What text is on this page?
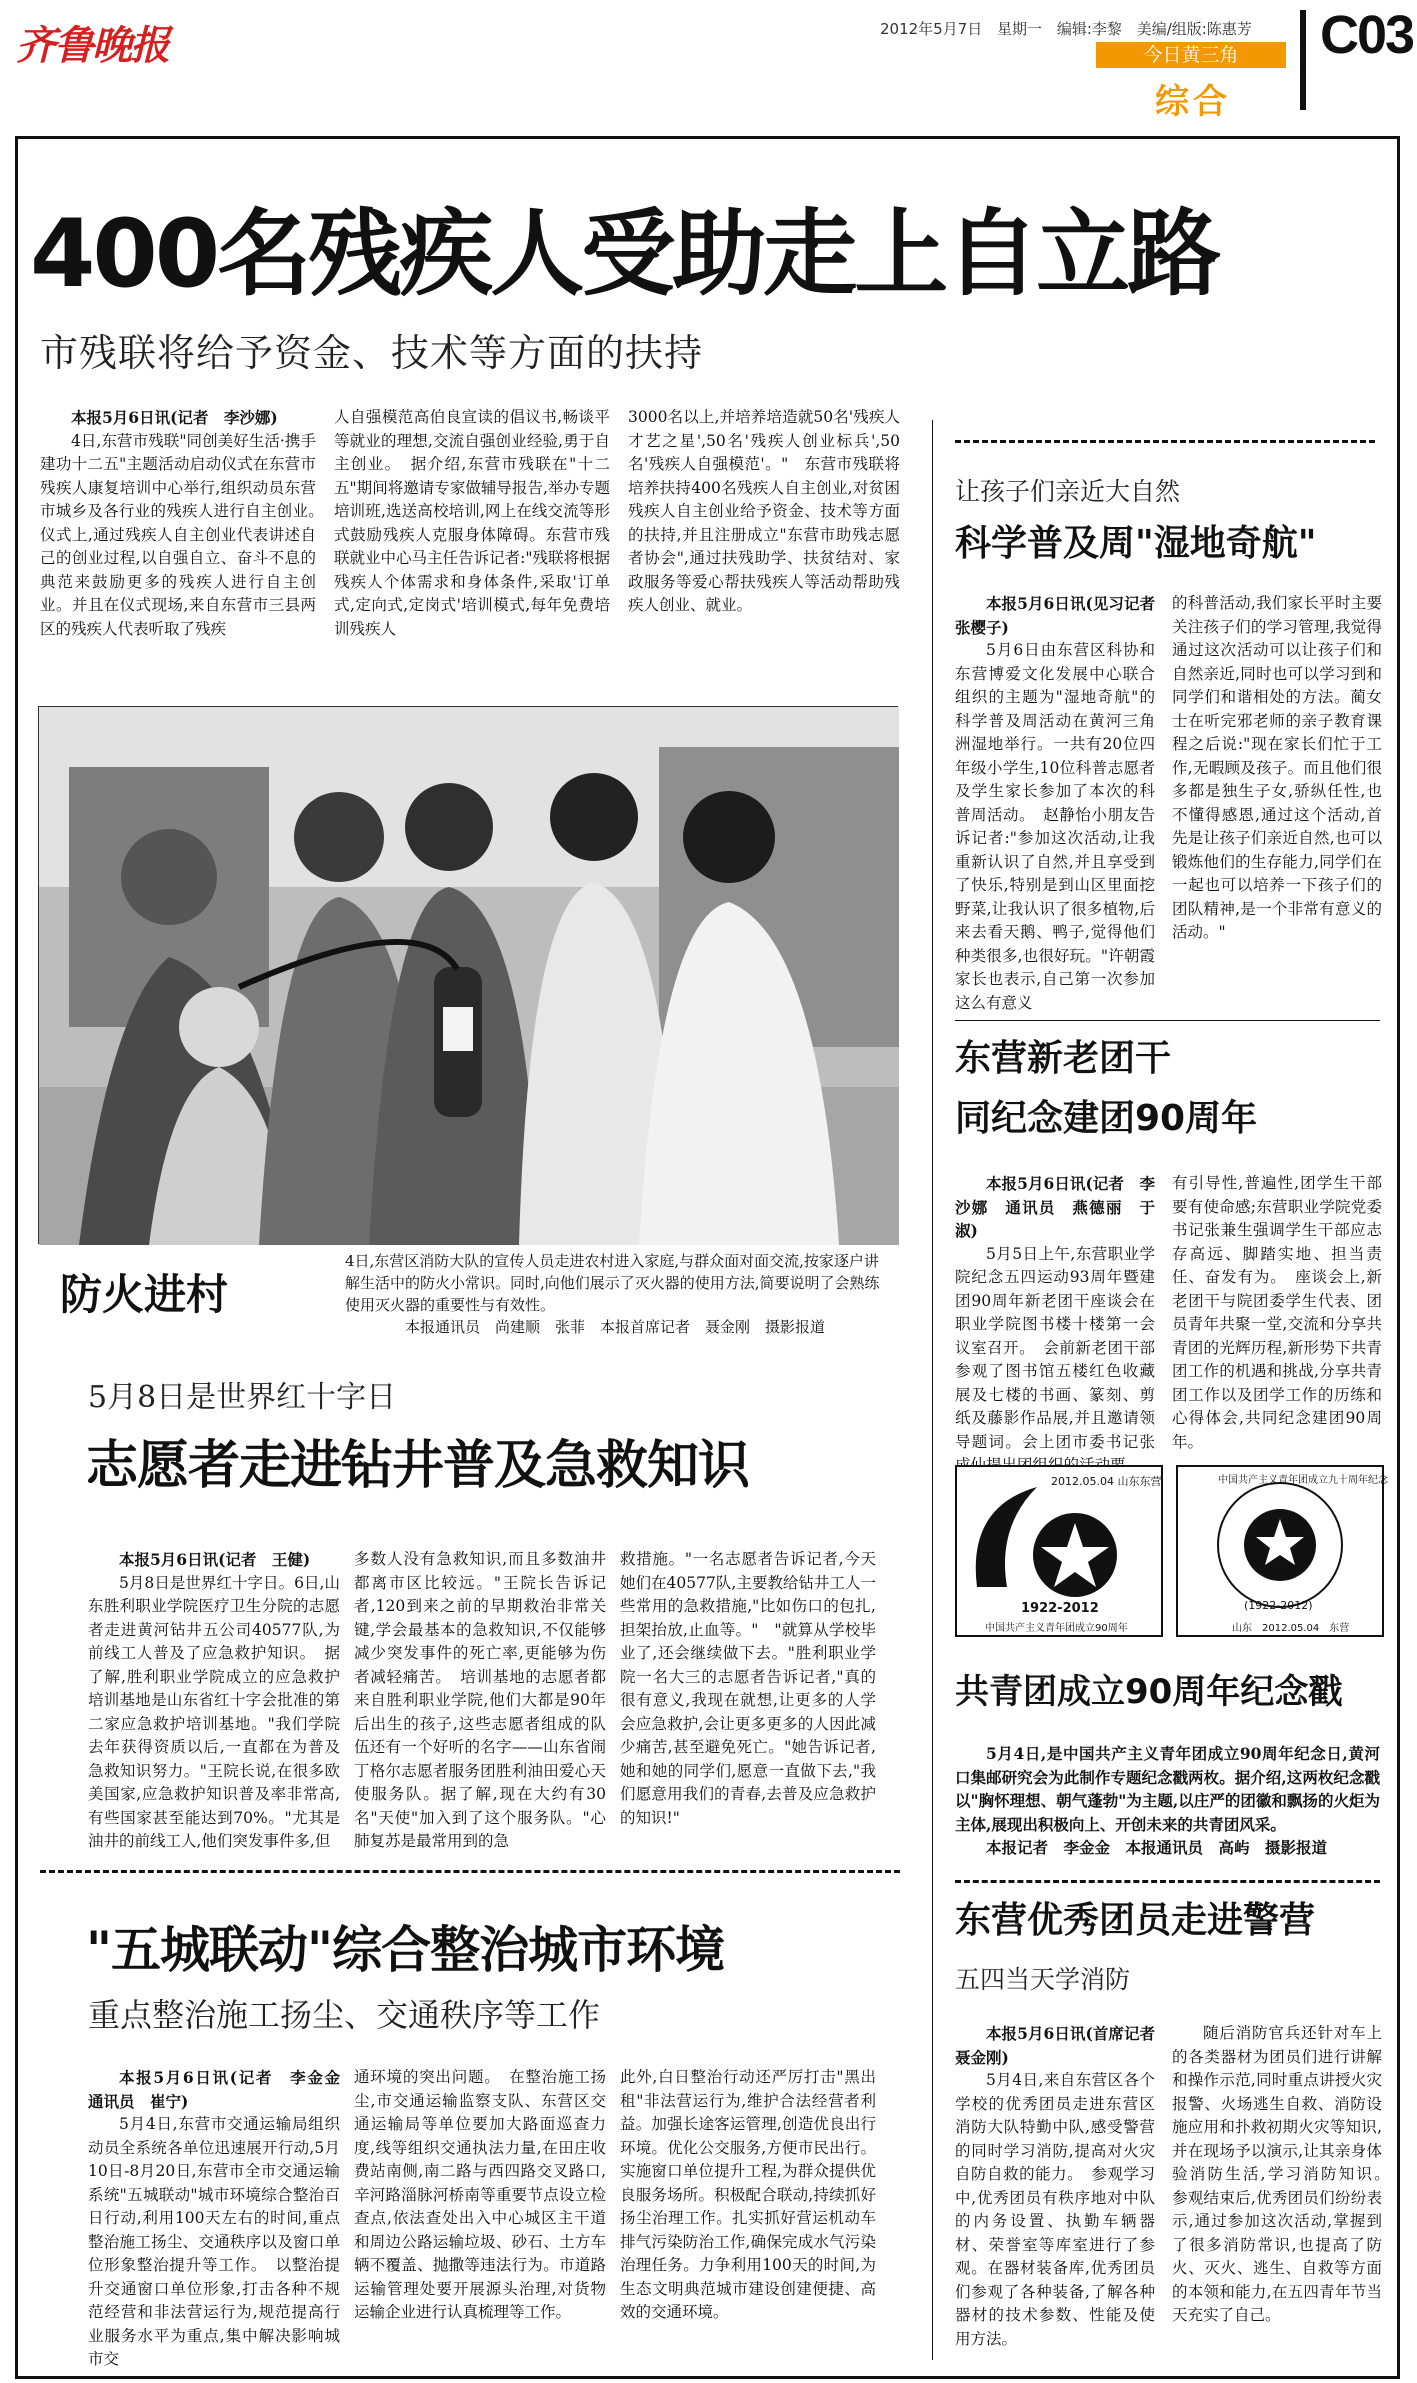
齐鲁晚报	2012年5月7日 星期一 编辑:李黎 美编/组版:陈惠芳 C03
今日黄三角
综合
400名残疾人受助走上自立路
市残联将给予资金、技术等方面的扶持

本报5月6日讯(记者　李沙娜)

4日,东营市残联"同创美好生活·携手建功十二五"主题活动启动仪式在东营市残疾人康复培训中心举行,组织动员东营市城乡及各行业的残疾人进行自主创业。　仪式上,通过残疾人自主创业代表讲述自己的创业过程,以自强自立、奋斗不息的典范来鼓励更多的残疾人进行自主创业。并且在仪式现场,来自东营市三县两区的残疾人代表听取了残疾

人自强模范高伯良宣读的倡议书,畅谈平等就业的理想,交流自强创业经验,勇于自主创业。　据介绍,东营市残联在"十二五"期间将邀请专家做辅导报告,举办专题培训班,选送高校培训,网上在线交流等形式鼓励残疾人克服身体障碍。东营市残联就业中心马主任告诉记者:"残联将根据残疾人个体需求和身体条件,采取'订单式,定向式,定岗式'培训模式,每年免费培训残疾人

3000名以上,并培养培造就50名'残疾人才艺之星',50名'残疾人创业标兵',50名'残疾人自强模范'。"　东营市残联将培养扶持400名残疾人自主创业,对贫困残疾人自主创业给予资金、技术等方面的扶持,并且注册成立"东营市助残志愿者协会",通过扶残助学、扶贫结对、家政服务等爱心帮扶残疾人等活动帮助残疾人创业、就业。

防火进村

4日,东营区消防大队的宣传人员走进农村进入家庭,与群众面对面交流,按家逐户讲解生活中的防火小常识。同时,向他们展示了灭火器的使用方法,简要说明了会熟练使用灭火器的重要性与有效性。

本报通讯员　尚建顺　张菲　本报首席记者　聂金刚　摄影报道

5月8日是世界红十字日
志愿者走进钻井普及急救知识

本报5月6日讯(记者　王健)

5月8日是世界红十字日。6日,山东胜利职业学院医疗卫生分院的志愿者走进黄河钻井五公司40577队,为前线工人普及了应急救护知识。　据了解,胜利职业学院成立的应急救护培训基地是山东省红十字会批准的第二家应急救护培训基地。"我们学院去年获得资质以后,一直都在为普及急救知识努力。"王院长说,在很多欧美国家,应急救护知识普及率非常高,有些国家甚至能达到70%。"尤其是油井的前线工人,他们突发事件多,但

多数人没有急救知识,而且多数油井都离市区比较远。"王院长告诉记者,120到来之前的早期救治非常关键,学会最基本的急救知识,不仅能够减少突发事件的死亡率,更能够为伤者减轻痛苦。　培训基地的志愿者都来自胜利职业学院,他们大都是90年后出生的孩子,这些志愿者组成的队伍还有一个好听的名字——山东省闹丁格尔志愿者服务团胜利油田爱心天使服务队。据了解,现在大约有30名"天使"加入到了这个服务队。"心肺复苏是最常用到的急

救措施。"一名志愿者告诉记者,今天她们在40577队,主要教给钻井工人一些常用的急救措施,"比如伤口的包扎,担架抬放,止血等。"　"就算从学校毕业了,还会继续做下去。"胜利职业学院一名大三的志愿者告诉记者,"真的很有意义,我现在就想,让更多的人学会应急救护,会让更多更多的人因此减少痛苦,甚至避免死亡。"她告诉记者,她和她的同学们,愿意一直做下去,"我们愿意用我们的青春,去普及应急救护的知识!"

"五城联动"综合整治城市环境
重点整治施工扬尘、交通秩序等工作

本报5月6日讯(记者　李金金　通讯员　崔宁)

5月4日,东营市交通运输局组织动员全系统各单位迅速展开行动,5月10日-8月20日,东营市全市交通运输系统"五城联动"城市环境综合整治百日行动,利用100天左右的时间,重点整治施工扬尘、交通秩序以及窗口单位形象整治提升等工作。　以整治提升交通窗口单位形象,打击各种不规范经营和非法营运行为,规范提高行业服务水平为重点,集中解决影响城市交

通环境的突出问题。　在整治施工扬尘,市交通运输监察支队、东营区交通运输局等单位要加大路面巡查力度,线等组织交通执法力量,在田庄收费站南侧,南二路与西四路交叉路口,辛河路淄脉河桥南等重要节点设立检查点,依法查处出入中心城区主干道和周边公路运输垃圾、砂石、土方车辆不覆盖、抛撒等违法行为。市道路运输管理处要开展源头治理,对货物运输企业进行认真梳理等工作。

此外,白日整治行动还严厉打击"黑出租"非法营运行为,维护合法经营者利益。加强长途客运管理,创造优良出行环境。优化公交服务,方便市民出行。实施窗口单位提升工程,为群众提供优良服务场所。积极配合联动,持续抓好扬尘治理工作。扎实抓好营运机动车排气污染防治工作,确保完成水气污染治理任务。力争利用100天的时间,为生态文明典范城市建设创建便捷、高效的交通环境。

让孩子们亲近大自然
科学普及周"湿地奇航"

本报5月6日讯(见习记者　张樱子)

5月6日由东营区科协和东营博爱文化发展中心联合组织的主题为"湿地奇航"的科学普及周活动在黄河三角洲湿地举行。一共有20位四年级小学生,10位科普志愿者及学生家长参加了本次的科普周活动。　赵静怡小朋友告诉记者:"参加这次活动,让我重新认识了自然,并且享受到了快乐,特别是到山区里面挖野菜,让我认识了很多植物,后来去看天鹅、鸭子,觉得他们种类很多,也很好玩。"许朝霞家长也表示,自己第一次参加这么有意义

的科普活动,我们家长平时主要关注孩子们的学习管理,我觉得通过这次活动可以让孩子们和自然亲近,同时也可以学习到和同学们和谐相处的方法。蔺女士在听完邪老师的亲子教育课程之后说:"现在家长们忙于工作,无暇顾及孩子。而且他们很多都是独生子女,骄纵任性,也不懂得感恩,通过这个活动,首先是让孩子们亲近自然,也可以锻炼他们的生存能力,同学们在一起也可以培养一下孩子们的团队精神,是一个非常有意义的活动。"

东营新老团干
同纪念建团90周年

本报5月6日讯(记者　李沙娜　通讯员　燕德丽　于淑)

5月5日上午,东营职业学院纪念五四运动93周年暨建团90周年新老团干座谈会在职业学院图书楼十楼第一会议室召开。　会前新老团干部参观了图书馆五楼红色收藏展及七楼的书画、篆刻、剪纸及藤影作品展,并且邀请领导题词。会上团市委书记张

有引导性,普遍性,团学生干部要有使命感;东营职业学院党委书记张兼生强调学生干部应志存高远、脚踏实地、担当责任、奋发有为。　座谈会上,新老团干与院团委学生代表、团员青年共聚一堂,交流和分享共青团的光辉历程,新形势下共青团工作的机遇和挑战,分享共青团工作以及团学工作的历练和心得体会,共同纪念建团90周年。

2012.05.04 山东东营
1922-2012
中国共产主义青年团成立90周年
中国共产主义青年团成立九十周年纪念
(1922-2012)
山东　2012.05.04　东营
共青团成立90周年纪念戳

5月4日,是中国共产主义青年团成立90周年纪念日,黄河口集邮研究会为此制作专题纪念戳两枚。据介绍,这两枚纪念戳以"胸怀理想、朝气蓬勃"为主题,以庄严的团徽和飘扬的火炬为主体,展现出积极向上、开创未来的共青团风采。

本报记者　李金金　本报通讯员　高屿　摄影报道

东营优秀团员走进警营
五四当天学消防

本报5月6日讯(首席记者　聂金刚)

5月4日,来自东营区各个学校的优秀团员走进东营区消防大队特勤中队,感受警营的同时学习消防,提高对火灾自防自救的能力。　参观学习中,优秀团员有秩序地对中队的内务设置、执勤车辆器材、荣誉室等库室进行了参观。在器材装备库,优秀团员们参观了各种装备,了解各种器材的技术参数、性能及使用方法。

随后消防官兵还针对车上的各类器材为团员们进行讲解和操作示范,同时重点讲授火灾报警、火场逃生自救、消防设施应用和扑救初期火灾等知识,并在现场予以演示,让其亲身体验消防生活,学习消防知识。　参观结束后,优秀团员们纷纷表示,通过参加这次活动,掌握到了很多消防常识,也提高了防火、灭火、逃生、自救等方面的本领和能力,在五四青年节当天充实了自己。
